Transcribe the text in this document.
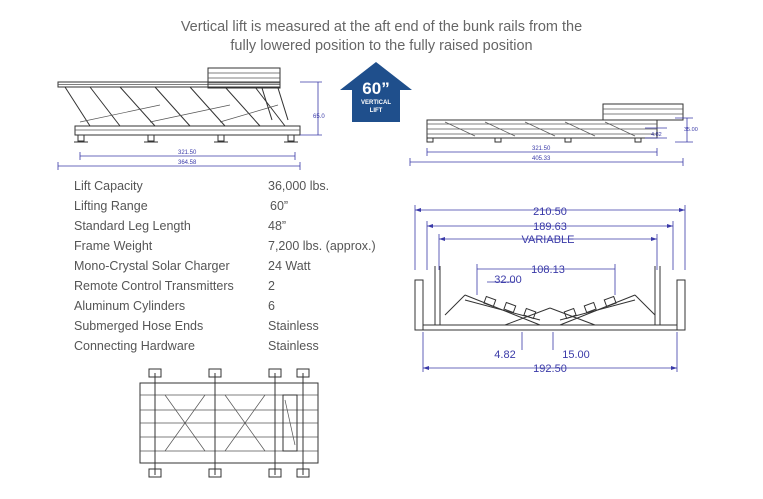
Vertical lift is measured at the aft end of the bunk rails from the
fully lowered position to the fully raised position
65.0
321.50
364.58
60”
VERTICAL
LIFT
4.82
35.00
321.50
405.33
Lift Capacity	36,000 lbs.
Lifting Range	60”
Standard Leg Length	48”
Frame Weight	7,200 lbs. (approx.)
Mono-Crystal Solar Charger	24 Watt
Remote Control Transmitters	2
Aluminum Cylinders	6
Submerged Hose Ends	Stainless
Connecting Hardware	Stainless
210.50
189.63
VARIABLE
108.13
32.00
4.82	15.00
192.50
